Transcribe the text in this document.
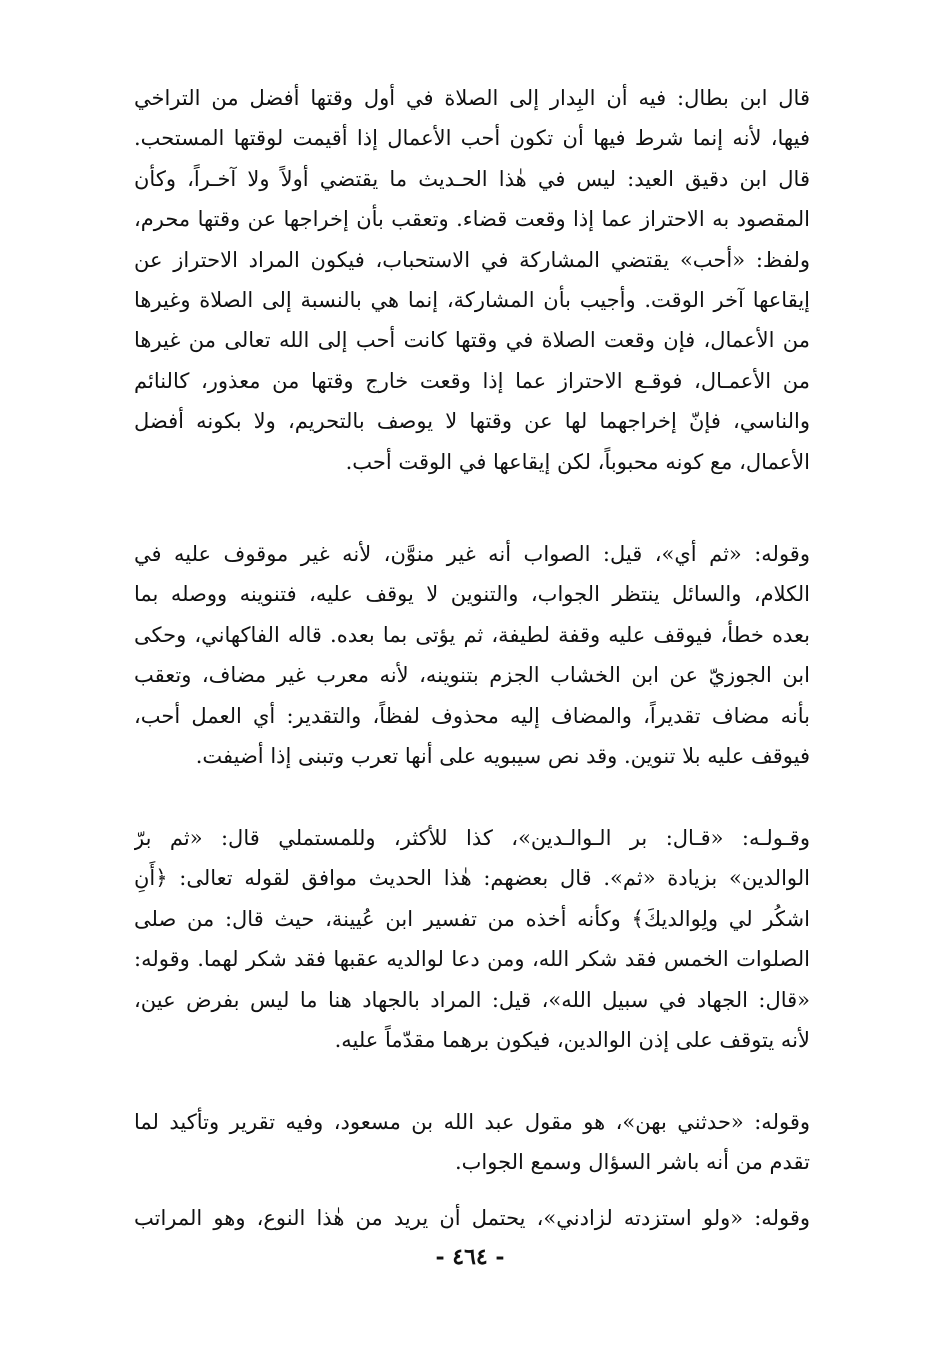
قال ابن بطال: فيه أن البِدار إلى الصلاة في أول وقتها أفضل من التراخي
فيها، لأنه إنما شرط فيها أن تكون أحب الأعمال إذا أقيمت لوقتها المستحب.
قال ابن دقيق العيد: ليس في هٰذا الحـديث ما يقتضي أولاً ولا آخـراً، وكأن
المقصود به الاحتراز عما إذا وقعت قضاء. وتعقب بأن إخراجها عن وقتها محرم،
ولفظ: «أحب» يقتضي المشاركة في الاستحباب، فيكون المراد الاحتراز عن
إيقاعها آخر الوقت. وأجيب بأن المشاركة، إنما هي بالنسبة إلى الصلاة وغيرها
من الأعمال، فإن وقعت الصلاة في وقتها كانت أحب إلى الله تعالى من غيرها
من الأعمـال، فوقـع الاحتراز عما إذا وقعت خارج وقتها من معذور، كالنائم
والناسي، فإنّ إخراجهما لها عن وقتها لا يوصف بالتحريم، ولا بكونه أفضل
الأعمال، مع كونه محبوباً، لكن إيقاعها في الوقت أحب.
وقوله: «ثم أي»، قيل: الصواب أنه غير منوَّن، لأنه غير موقوف عليه في
الكلام، والسائل ينتظر الجواب، والتنوين لا يوقف عليه، فتنوينه ووصله بما
بعده خطأ، فيوقف عليه وقفة لطيفة، ثم يؤتى بما بعده. قاله الفاكهاني، وحكى
ابن الجوزيّ عن ابن الخشاب الجزم بتنوينه، لأنه معرب غير مضاف، وتعقب
بأنه مضاف تقديراً، والمضاف إليه محذوف لفظاً، والتقدير: أي العمل أحب،
فيوقف عليه بلا تنوين. وقد نص سيبويه على أنها تعرب وتبنى إذا أضيفت.
وقـولـه: «قـال: بر الـوالـدين»، كذا للأكثر، وللمستملي قال: «ثم برّ
الوالدين» بزيادة «ثم». قال بعضهم: هٰذا الحديث موافق لقوله تعالى: ﴿أَنِ
اشكُر لي ولِوالديكَ﴾ وكأنه أخذه من تفسير ابن عُيينة، حيث قال: من صلى
الصلوات الخمس فقد شكر الله، ومن دعا لوالديه عقبها فقد شكر لهما. وقوله:
«قال: الجهاد في سبيل الله»، قيل: المراد بالجهاد هنا ما ليس بفرض عين،
لأنه يتوقف على إذن الوالدين، فيكون برهما مقدّماً عليه.
وقوله: «حدثني بهن»، هو مقول عبد الله بن مسعود، وفيه تقرير وتأكيد لما
تقدم من أنه باشر السؤال وسمع الجواب.
وقوله: «ولو استزدته لزادني»، يحتمل أن يريد من هٰذا النوع، وهو المراتب
- ٤٦٤ -
